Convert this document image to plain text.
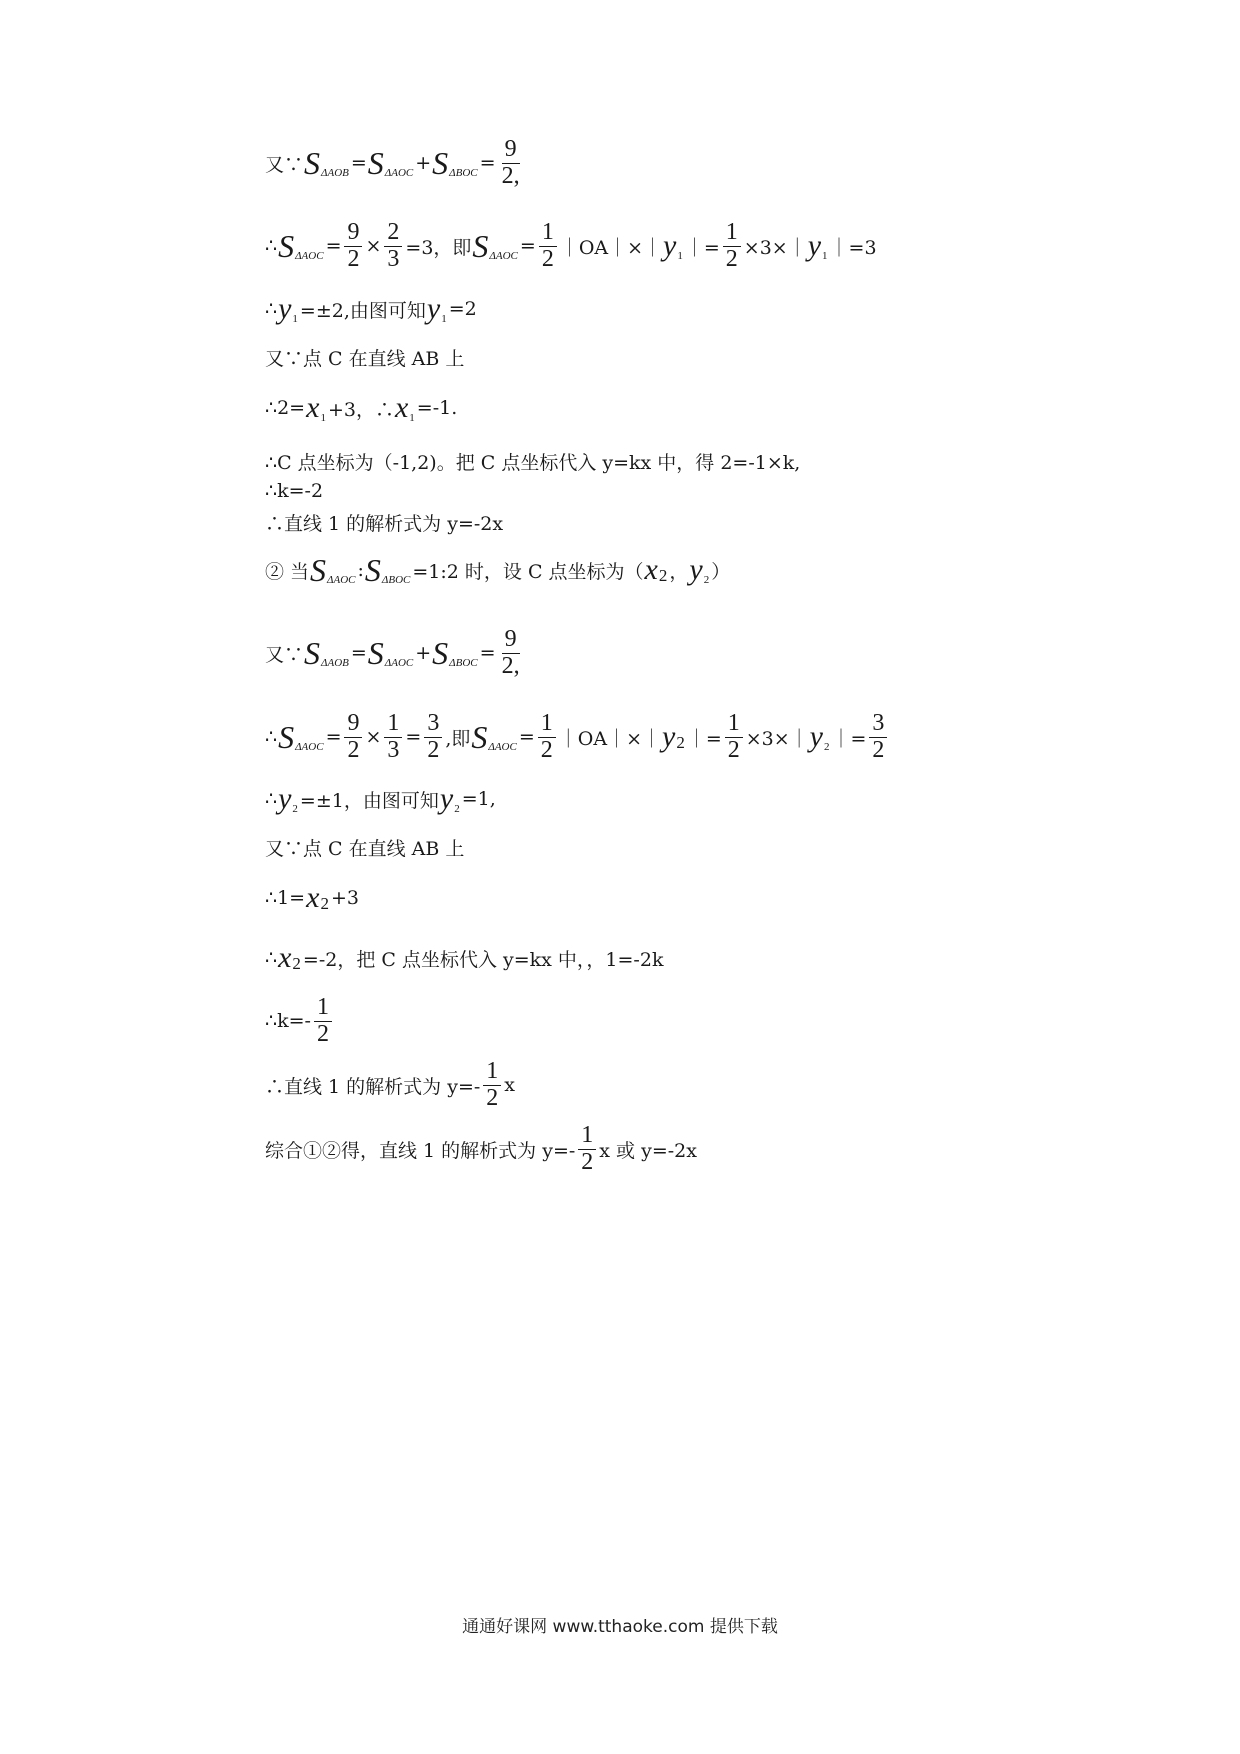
又∵ S ΔAOB = S ΔAOC + S $\Delta BOC = \frac{9}{2,}$
∴ S $\Delta AOC = \frac{9}{2} \times \frac{2}{3} =3$，即 S $\Delta AOC = \frac{1}{2}$ ｜OA｜×｜ y 1 ｜= $\frac{1}{2}$ ×3×｜ y 1 ｜=3
∴ y 1 =±2,由图可知 y 1 =2
又∵点 C 在直线 AB 上
∴2= x 1 +3，∴ x 1 =-1.
∴C 点坐标为（-1,2)。把 C 点坐标代入 y=kx 中，得 2=-1×k,
∴k=-2
∴直线 1 的解析式为 y=-2x
② 当 S ΔAOC : S ΔBOC =1:2 时，设 C 点坐标为（ x 2 ， y 2 ）
又∵ S ΔAOB = S ΔAOC + S $\Delta BOC = \frac{9}{2,}$
∴ S $\Delta AOC = \frac{9}{2} \times \frac{1}{3} = \frac{3}{2}$ ,即 S $\Delta AOC = \frac{1}{2}$ ｜OA｜×｜ y 2 ｜= $\frac{1}{2}$ ×3×｜ y 2 ｜= $\frac{3}{2}$
∴ y 2 =±1，由图可知 y 2 =1,
又∵点 C 在直线 AB 上
∴1= x 2 +3
∴ x 2 =-2，把 C 点坐标代入 y=kx 中，，1=-2k
∴k=- $\frac{1}{2}$
∴直线 1 的解析式为 $y=- \frac{1}{2}$ x
综合①②得，直线 1 的解析式为 $y=- \frac{1}{2}$ x 或 y=-2x
通通好课网 www.tthaoke.com 提供下载
